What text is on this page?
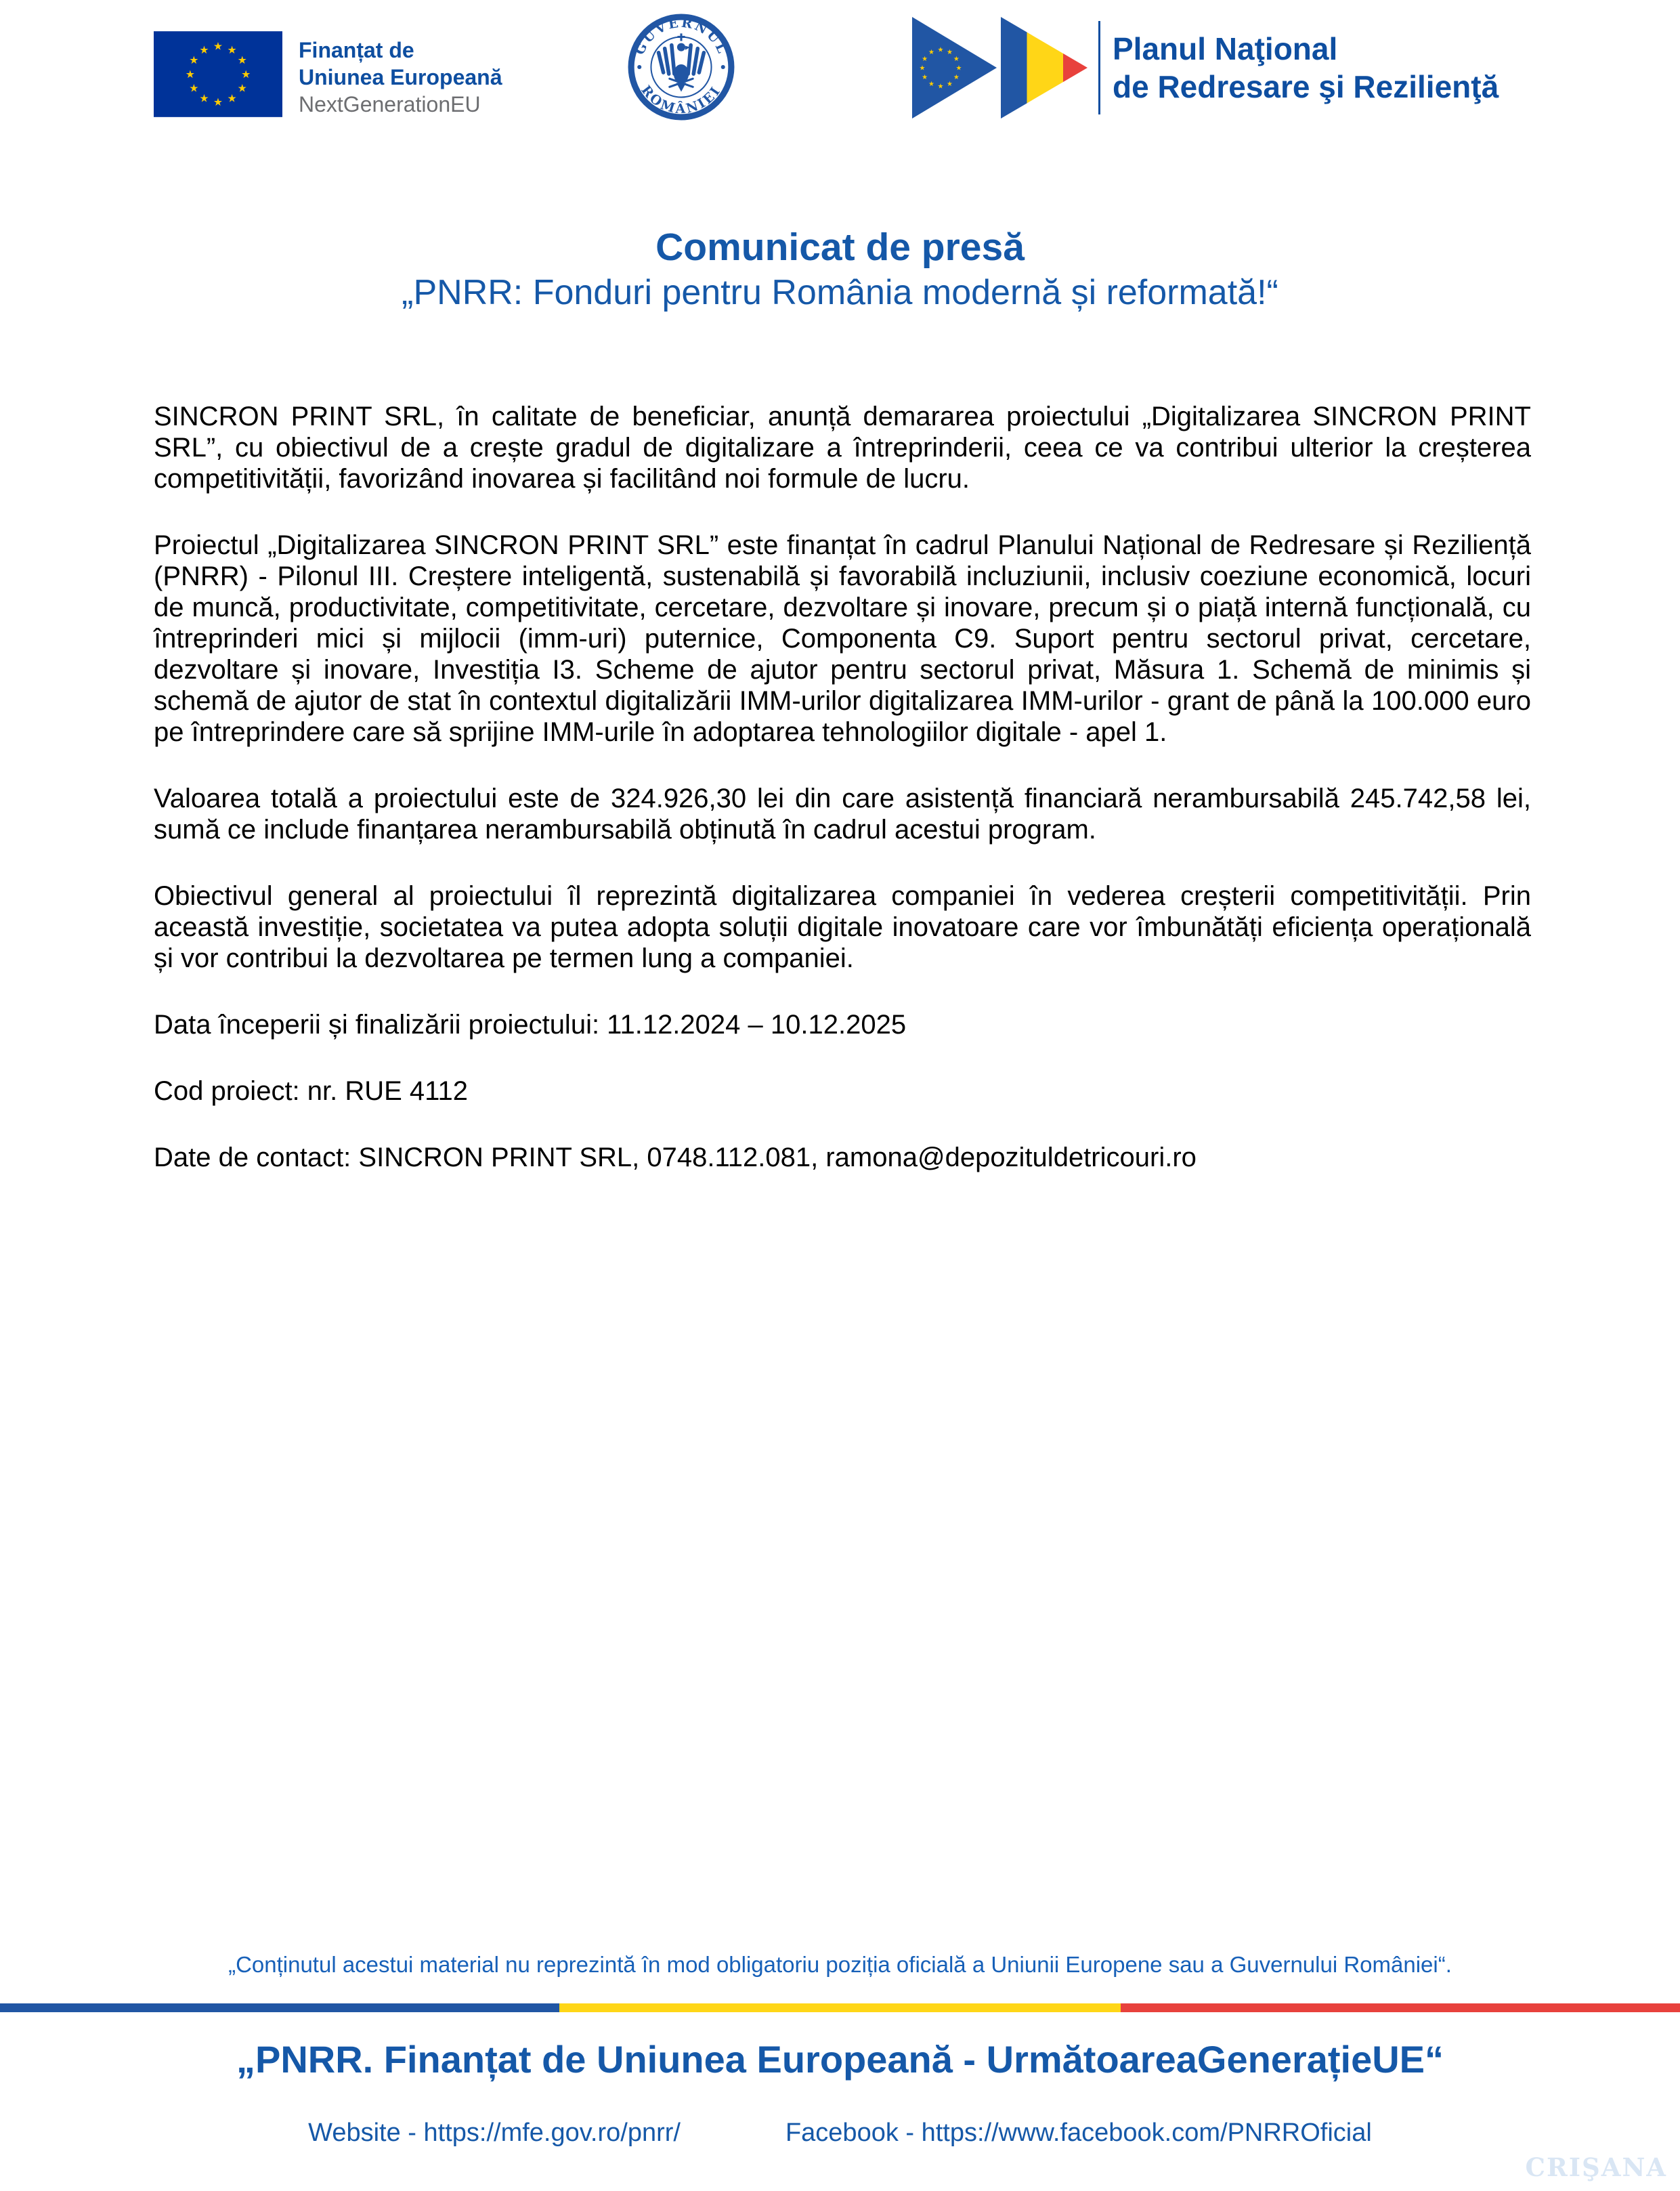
★ ★
★
★
★
★
★
★
★
★
★
★	Finanțat de
Uniunea Europeană
NextGenerationEU
GUVERNUL
ROMÂNIEI
★ ★
★
★
★
★
★
★
★
★
★
★	Planul Naţional
de Redresare şi Rezilienţă
Comunicat de presă
„PNRR: Fonduri pentru România modernă și reformată!“

SINCRON PRINT SRL, în calitate de beneficiar, anunță demararea proiectului „Digitalizarea SINCRON PRINT SRL”, cu obiectivul de a crește gradul de digitalizare a întreprinderii, ceea ce va contribui ulterior la creșterea competitivității, favorizând inovarea și facilitând noi formule de lucru.

Proiectul „Digitalizarea SINCRON PRINT SRL” este finanțat în cadrul Planului Național de Redresare și Reziliență (PNRR) - Pilonul III. Creștere inteligentă, sustenabilă și favorabilă incluziunii, inclusiv coeziune economică, locuri de muncă, productivitate, competitivitate, cercetare, dezvoltare și inovare, precum și o piață internă funcțională, cu întreprinderi mici și mijlocii (imm-uri) puternice, Componenta C9. Suport pentru sectorul privat, cercetare, dezvoltare și inovare, Investiția I3. Scheme de ajutor pentru sectorul privat, Măsura 1. Schemă de minimis și schemă de ajutor de stat în contextul digitalizării IMM-urilor digitalizarea IMM-urilor - grant de până la 100.000 euro pe întreprindere care să sprijine IMM-urile în adoptarea tehnologiilor digitale - apel 1.

Valoarea totală a proiectului este de 324.926,30 lei din care asistență financiară nerambursabilă 245.742,58 lei, sumă ce include finanțarea nerambursabilă obținută în cadrul acestui program.

Obiectivul general al proiectului îl reprezintă digitalizarea companiei în vederea creșterii competitivității. Prin această investiție, societatea va putea adopta soluții digitale inovatoare care vor îmbunătăți eficiența operațională și vor contribui la dezvoltarea pe termen lung a companiei.

Data începerii și finalizării proiectului: 11.12.2024 – 10.12.2025

Cod proiect: nr. RUE 4112

Date de contact: SINCRON PRINT SRL, 0748.112.081, ramona@depozituldetricouri.ro

„Conținutul acestui material nu reprezintă în mod obligatoriu poziția oficială a Uniunii Europene sau a Guvernului României“.
„PNRR. Finanțat de Uniunea Europeană - UrmătoareaGenerațieUE“
Website - https://mfe.gov.ro/pnrr/	Facebook - https://www.facebook.com/PNRROficial
CRIŞANA
